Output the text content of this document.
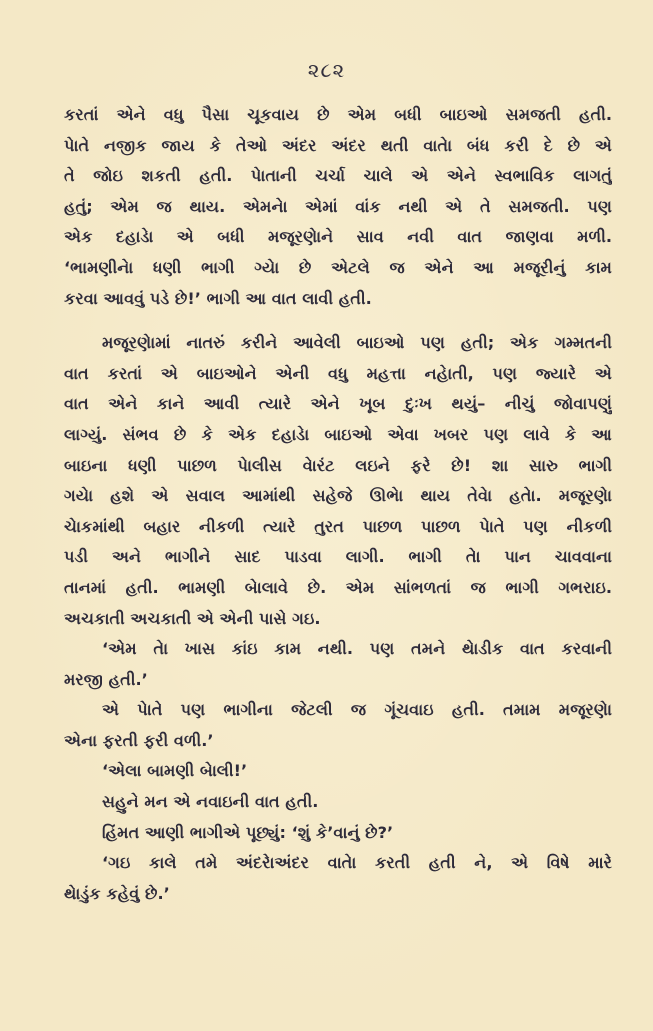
૨૮૨
કરતાં એને વધુ પૈસા ચૂકવાય છે એમ બધી બાઇઓ સમજતી હતી.
પેાતે નજીક જાય કે તેઓ અંદર અંદર થતી વાતેા બંધ કરી દે છે એ
તે જોઇ શકતી હતી. પેાતાની ચર્ચા ચાલે એ એને સ્વભાવિક લાગતું
હતું; એમ જ થાય. એમનેા એમાં વાંક નથી એ તે સમજતી. પણ
એક દહાડેા એ બધી મજૂરણેાને સાવ નવી વાત જાણવા મળી.
‘ભામણીનેા ધણી ભાગી ગ્યેા છે એટલે જ એને આ મજૂરીનું કામ
કરવા આવવું પડે છે!’ ભાગી આ વાત લાવી હતી.
મજૂરણેામાં નાતરું કરીને આવેલી બાઇઓ પણ હતી; એક ગમ્મતની
વાત કરતાં એ બાઇઓને એની વધુ મહત્તા નહેાતી, પણ જ્યારે એ
વાત એને કાને આવી ત્યારે એને ખૂબ દુઃખ થયું– નીચું જોવાપણું
લાગ્યું. સંભવ છે કે એક દહાડેા બાઇઓ એવા ખબર પણ લાવે કે આ
બાઇના ધણી પાછળ પેાલીસ વેારંટ લઇને ફરે છે! શા સારુ ભાગી
ગયેા હશે એ સવાલ આમાંથી સહેજે ઊભેા થાય તેવેા હતેા. મજૂરણેા
ચેાકમાંથી બહાર નીકળી ત્યારે તુરત પાછળ પાછળ પેાતે પણ નીકળી
પડી અને ભાગીને સાદ પાડવા લાગી. ભાગી તેા પાન ચાવવાના
તાનમાં હતી. ભામણી બેાલાવે છે. એમ સાંભળતાં જ ભાગી ગભરાઇ.
અચકાતી અચકાતી એ એની પાસે ગઇ.
‘એમ તેા ખાસ કાંઇ કામ નથી. પણ તમને થેાડીક વાત કરવાની
મરજી હતી.’
એ પેાતે પણ ભાગીના જેટલી જ ગૂંચવાઇ હતી. તમામ મજૂરણેા
એના ફરતી ફરી વળી.’
‘એલા બામણી બેાલી!’
સહુને મન એ નવાઇની વાત હતી.
હિંમત આણી ભાગીએ પૂછ્યું: ‘શું કે’વાનું છે?’
‘ગઇ કાલે તમે અંદરેાઅંદર વાતેા કરતી હતી ને, એ વિષે મારે
થેાડુંક કહેવું છે.’
